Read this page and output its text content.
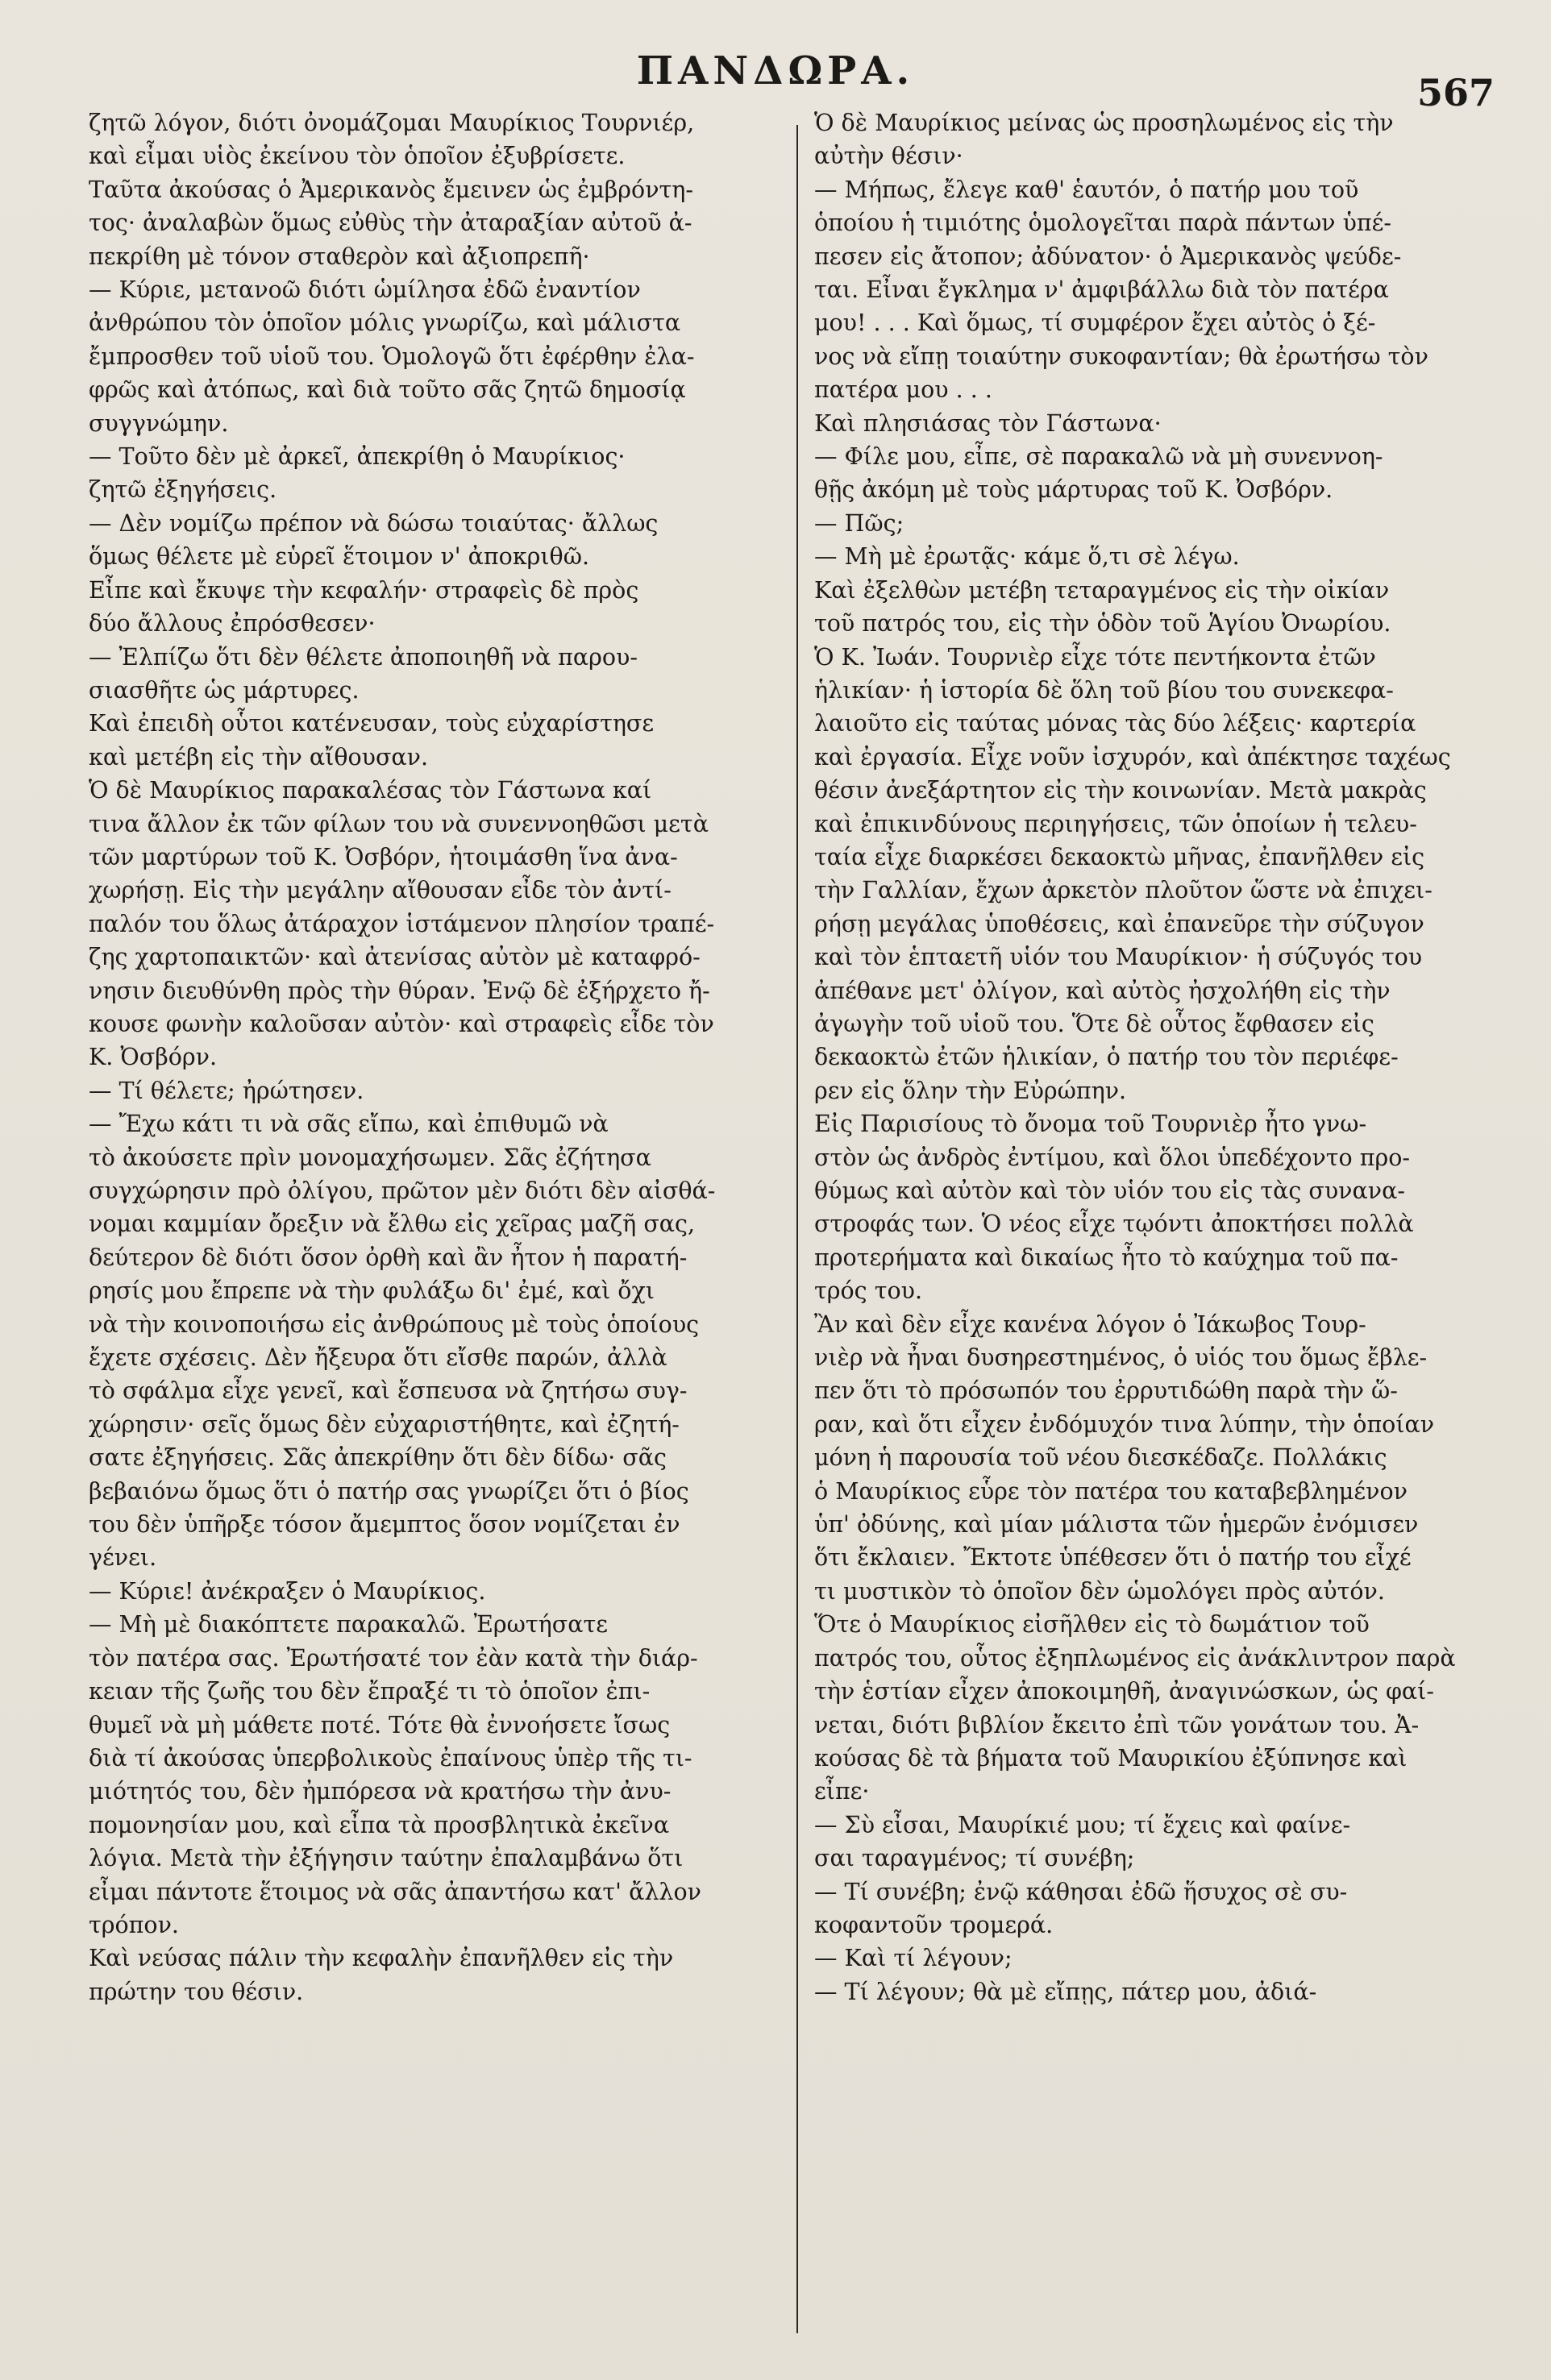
ΠΑΝΔΩΡΑ.	567
ζητῶ λόγον, διότι ὀνομάζομαι Μαυρίκιος Τουρνιέρ,
καὶ εἶμαι υἱὸς ἐκείνου τὸν ὁποῖον ἐξυβρίσετε.
Ταῦτα ἀκούσας ὁ Ἀμερικανὸς ἔμεινεν ὡς ἐμβρόντη-
τος· ἀναλαβὼν ὅμως εὐθὺς τὴν ἀταραξίαν αὐτοῦ ἀ-
πεκρίθη μὲ τόνον σταθερὸν καὶ ἀξιοπρεπῆ·
— Κύριε, μετανοῶ διότι ὡμίλησα ἐδῶ ἐναντίον
ἀνθρώπου τὸν ὁποῖον μόλις γνωρίζω, καὶ μάλιστα
ἔμπροσθεν τοῦ υἱοῦ του. Ὁμολογῶ ὅτι ἐφέρθην ἐλα-
φρῶς καὶ ἀτόπως, καὶ διὰ τοῦτο σᾶς ζητῶ δημοσίᾳ
συγγνώμην.
— Τοῦτο δὲν μὲ ἀρκεῖ, ἀπεκρίθη ὁ Μαυρίκιος·
ζητῶ ἐξηγήσεις.
— Δὲν νομίζω πρέπον νὰ δώσω τοιαύτας· ἄλλως
ὅμως θέλετε μὲ εὑρεῖ ἕτοιμον ν' ἀποκριθῶ.
Εἶπε καὶ ἔκυψε τὴν κεφαλήν· στραφεὶς δὲ πρὸς
δύο ἄλλους ἐπρόσθεσεν·
— Ἐλπίζω ὅτι δὲν θέλετε ἀποποιηθῆ νὰ παρου-
σιασθῆτε ὡς μάρτυρες.
Καὶ ἐπειδὴ οὗτοι κατένευσαν, τοὺς εὐχαρίστησε
καὶ μετέβη εἰς τὴν αἴθουσαν.
Ὁ δὲ Μαυρίκιος παρακαλέσας τὸν Γάστωνα καί
τινα ἄλλον ἐκ τῶν φίλων του νὰ συνεννοηθῶσι μετὰ
τῶν μαρτύρων τοῦ Κ. Ὀσβόρν, ἡτοιμάσθη ἵνα ἀνα-
χωρήσῃ. Εἰς τὴν μεγάλην αἴθουσαν εἶδε τὸν ἀντί-
παλόν του ὅλως ἀτάραχον ἱστάμενον πλησίον τραπέ-
ζης χαρτοπαικτῶν· καὶ ἀτενίσας αὐτὸν μὲ καταφρό-
νησιν διευθύνθη πρὸς τὴν θύραν. Ἐνῷ δὲ ἐξήρχετο ἤ-
κουσε φωνὴν καλοῦσαν αὐτὸν· καὶ στραφεὶς εἶδε τὸν
Κ. Ὀσβόρν.
— Τί θέλετε; ἠρώτησεν.
— Ἔχω κάτι τι νὰ σᾶς εἴπω, καὶ ἐπιθυμῶ νὰ
τὸ ἀκούσετε πρὶν μονομαχήσωμεν. Σᾶς ἐζήτησα
συγχώρησιν πρὸ ὀλίγου, πρῶτον μὲν διότι δὲν αἰσθά-
νομαι καμμίαν ὄρεξιν νὰ ἔλθω εἰς χεῖρας μαζῆ σας,
δεύτερον δὲ διότι ὅσον ὀρθὴ καὶ ἂν ἦτον ἡ παρατή-
ρησίς μου ἔπρεπε νὰ τὴν φυλάξω δι' ἐμέ, καὶ ὄχι
νὰ τὴν κοινοποιήσω εἰς ἀνθρώπους μὲ τοὺς ὁποίους
ἔχετε σχέσεις. Δὲν ἤξευρα ὅτι εἴσθε παρών, ἀλλὰ
τὸ σφάλμα εἶχε γενεῖ, καὶ ἔσπευσα νὰ ζητήσω συγ-
χώρησιν· σεῖς ὅμως δὲν εὐχαριστήθητε, καὶ ἐζητή-
σατε ἐξηγήσεις. Σᾶς ἀπεκρίθην ὅτι δὲν δίδω· σᾶς
βεβαιόνω ὅμως ὅτι ὁ πατήρ σας γνωρίζει ὅτι ὁ βίος
του δὲν ὑπῆρξε τόσον ἄμεμπτος ὅσον νομίζεται ἐν
γένει.
— Κύριε! ἀνέκραξεν ὁ Μαυρίκιος.
— Μὴ μὲ διακόπτετε παρακαλῶ. Ἐρωτήσατε
τὸν πατέρα σας. Ἐρωτήσατέ τον ἐὰν κατὰ τὴν διάρ-
κειαν τῆς ζωῆς του δὲν ἔπραξέ τι τὸ ὁποῖον ἐπι-
θυμεῖ νὰ μὴ μάθετε ποτέ. Τότε θὰ ἐννοήσετε ἴσως
διὰ τί ἀκούσας ὑπερβολικοὺς ἐπαίνους ὑπὲρ τῆς τι-
μιότητός του, δὲν ἠμπόρεσα νὰ κρατήσω τὴν ἀνυ-
πομονησίαν μου, καὶ εἶπα τὰ προσβλητικὰ ἐκεῖνα
λόγια. Μετὰ τὴν ἐξήγησιν ταύτην ἐπαλαμβάνω ὅτι
εἶμαι πάντοτε ἕτοιμος νὰ σᾶς ἀπαντήσω κατ' ἄλλον
τρόπον.
Καὶ νεύσας πάλιν τὴν κεφαλὴν ἐπανῆλθεν εἰς τὴν
πρώτην του θέσιν.
Ὁ δὲ Μαυρίκιος μείνας ὡς προσηλωμένος εἰς τὴν
αὐτὴν θέσιν·
— Μήπως, ἔλεγε καθ' ἑαυτόν, ὁ πατήρ μου τοῦ
ὁποίου ἡ τιμιότης ὁμολογεῖται παρὰ πάντων ὑπέ-
πεσεν εἰς ἄτοπον; ἀδύνατον· ὁ Ἀμερικανὸς ψεύδε-
ται. Εἶναι ἔγκλημα ν' ἀμφιβάλλω διὰ τὸν πατέρα
μου! . . . Καὶ ὅμως, τί συμφέρον ἔχει αὐτὸς ὁ ξέ-
νος νὰ εἴπῃ τοιαύτην συκοφαντίαν; θὰ ἐρωτήσω τὸν
πατέρα μου . . .
Καὶ πλησιάσας τὸν Γάστωνα·
— Φίλε μου, εἶπε, σὲ παρακαλῶ νὰ μὴ συνεννοη-
θῇς ἀκόμη μὲ τοὺς μάρτυρας τοῦ Κ. Ὀσβόρν.
— Πῶς;
— Μὴ μὲ ἐρωτᾷς· κάμε ὅ,τι σὲ λέγω.
Καὶ ἐξελθὼν μετέβη τεταραγμένος εἰς τὴν οἰκίαν
τοῦ πατρός του, εἰς τὴν ὁδὸν τοῦ Ἁγίου Ὀνωρίου.
Ὁ Κ. Ἰωάν. Τουρνιὲρ εἶχε τότε πεντήκοντα ἐτῶν
ἡλικίαν· ἡ ἱστορία δὲ ὅλη τοῦ βίου του συνεκεφα-
λαιοῦτο εἰς ταύτας μόνας τὰς δύο λέξεις· καρτερία
καὶ ἐργασία. Εἶχε νοῦν ἰσχυρόν, καὶ ἀπέκτησε ταχέως
θέσιν ἀνεξάρτητον εἰς τὴν κοινωνίαν. Μετὰ μακρὰς
καὶ ἐπικινδύνους περιηγήσεις, τῶν ὁποίων ἡ τελευ-
ταία εἶχε διαρκέσει δεκαοκτὼ μῆνας, ἐπανῆλθεν εἰς
τὴν Γαλλίαν, ἔχων ἀρκετὸν πλοῦτον ὥστε νὰ ἐπιχει-
ρήσῃ μεγάλας ὑποθέσεις, καὶ ἐπανεῦρε τὴν σύζυγον
καὶ τὸν ἑπταετῆ υἱόν του Μαυρίκιον· ἡ σύζυγός του
ἀπέθανε μετ' ὀλίγον, καὶ αὐτὸς ἠσχολήθη εἰς τὴν
ἀγωγὴν τοῦ υἱοῦ του. Ὅτε δὲ οὗτος ἔφθασεν εἰς
δεκαοκτὼ ἐτῶν ἡλικίαν, ὁ πατήρ του τὸν περιέφε-
ρεν εἰς ὅλην τὴν Εὐρώπην.
Εἰς Παρισίους τὸ ὄνομα τοῦ Τουρνιὲρ ἦτο γνω-
στὸν ὡς ἀνδρὸς ἐντίμου, καὶ ὅλοι ὑπεδέχοντο προ-
θύμως καὶ αὐτὸν καὶ τὸν υἱόν του εἰς τὰς συνανα-
στροφάς των. Ὁ νέος εἶχε τῳόντι ἀποκτήσει πολλὰ
προτερήματα καὶ δικαίως ἦτο τὸ καύχημα τοῦ πα-
τρός του.
Ἂν καὶ δὲν εἶχε κανένα λόγον ὁ Ἰάκωβος Τουρ-
νιὲρ νὰ ἦναι δυσηρεστημένος, ὁ υἱός του ὅμως ἔβλε-
πεν ὅτι τὸ πρόσωπόν του ἐρρυτιδώθη παρὰ τὴν ὥ-
ραν, καὶ ὅτι εἶχεν ἐνδόμυχόν τινα λύπην, τὴν ὁποίαν
μόνη ἡ παρουσία τοῦ νέου διεσκέδαζε. Πολλάκις
ὁ Μαυρίκιος εὗρε τὸν πατέρα του καταβεβλημένον
ὑπ' ὀδύνης, καὶ μίαν μάλιστα τῶν ἡμερῶν ἐνόμισεν
ὅτι ἔκλαιεν. Ἔκτοτε ὑπέθεσεν ὅτι ὁ πατήρ του εἶχέ
τι μυστικὸν τὸ ὁποῖον δὲν ὡμολόγει πρὸς αὐτόν.
Ὅτε ὁ Μαυρίκιος εἰσῆλθεν εἰς τὸ δωμάτιον τοῦ
πατρός του, οὗτος ἐξηπλωμένος εἰς ἀνάκλιντρον παρὰ
τὴν ἑστίαν εἶχεν ἀποκοιμηθῆ, ἀναγινώσκων, ὡς φαί-
νεται, διότι βιβλίον ἔκειτο ἐπὶ τῶν γονάτων του. Ἀ-
κούσας δὲ τὰ βήματα τοῦ Μαυρικίου ἐξύπνησε καὶ
εἶπε·
— Σὺ εἶσαι, Μαυρίκιέ μου; τί ἔχεις καὶ φαίνε-
σαι ταραγμένος; τί συνέβη;
— Τί συνέβη; ἐνῷ κάθησαι ἐδῶ ἥσυχος σὲ συ-
κοφαντοῦν τρομερά.
— Καὶ τί λέγουν;
— Τί λέγουν; θὰ μὲ εἴπῃς, πάτερ μου, ἀδιά-
